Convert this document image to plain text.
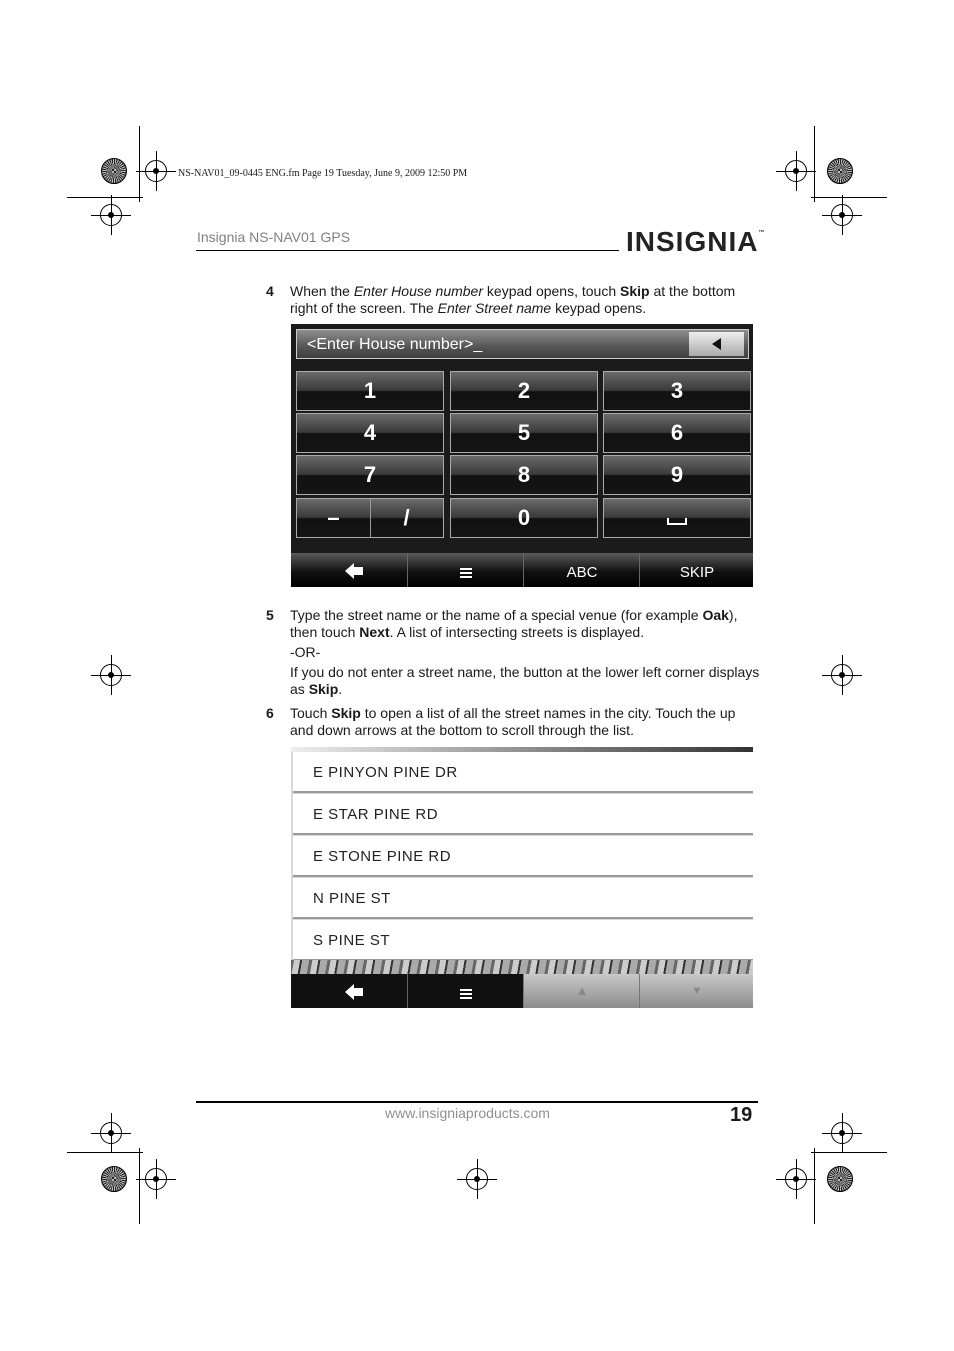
NS-NAV01_09-0445 ENG.fm Page 19 Tuesday, June 9, 2009 12:50 PM
Insignia NS-NAV01 GPS	INSIGNIA™
4	When the Enter House number keypad opens, touch Skip at the bottom right of the screen. The Enter Street name keypad opens.
<Enter House number>_
1	2	3
4	5	6
7	8	9
–	/	0
ABC	SKIP
5	Type the street name or the name of a special venue (for example Oak), then touch Next. A list of intersecting streets is displayed.
-OR-
If you do not enter a street name, the button at the lower left corner displays as Skip.
6	Touch Skip to open a list of all the street names in the city. Touch the up and down arrows at the bottom to scroll through the list.
E PINYON PINE DR
E STAR PINE RD
E STONE PINE RD
N PINE ST
S PINE ST
▲	▼
www.insigniaproducts.com	19
